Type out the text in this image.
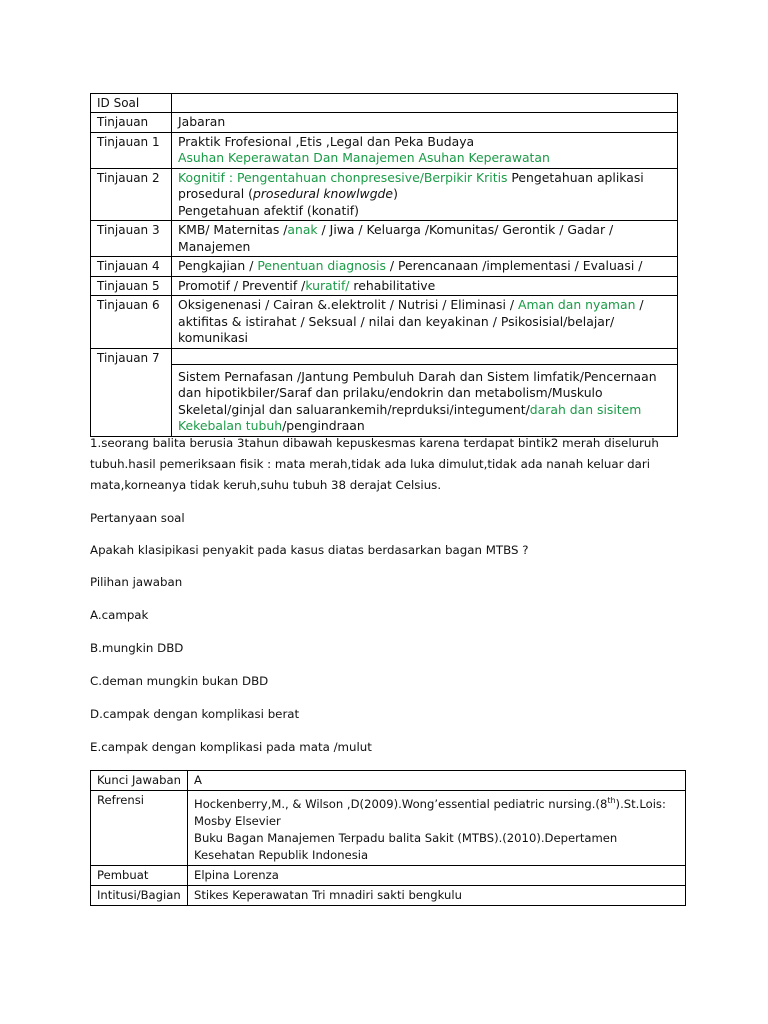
ID Soal	
Tinjauan	Jabaran
Tinjauan 1	Praktik Frofesional ,Etis ,Legal dan Peka Budaya
Asuhan Keperawatan Dan Manajemen Asuhan Keperawatan

Tinjauan 2	Kognitif : Pengentahuan chonpresesive/Berpikir Kritis Pengetahuan aplikasi prosedural (prosedural knowlwgde)
Pengetahuan afektif (konatif)

Tinjauan 3	KMB/ Maternitas /anak / Jiwa / Keluarga /Komunitas/ Gerontik / Gadar / Manajemen
Tinjauan 4	Pengkajian / Penentuan diagnosis / Perencanaan /implementasi / Evaluasi /
Tinjauan 5	Promotif / Preventif /kuratif/ rehabilitative
Tinjauan 6	Oksigenenasi / Cairan &.elektrolit / Nutrisi / Eliminasi / Aman dan nyaman / aktifitas & istirahat / Seksual / nilai dan keyakinan / Psikosisial/belajar/ komunikasi
Tinjauan 7	Sistem Pernafasan /Jantung Pembuluh Darah dan Sistem limfatik/Pencernaan dan hipotikbiler/Saraf dan prilaku/endokrin dan metabolism/Muskulo Skeletal/ginjal dan saluarankemih/reprduksi/integument/darah dan sisitem Kekebalan tubuh/pengindraan

1.seorang balita berusia 3tahun dibawah kepuskesmas karena terdapat bintik2 merah diseluruh tubuh.hasil pemeriksaan fisik : mata merah,tidak ada luka dimulut,tidak ada nanah keluar dari mata,korneanya tidak keruh,suhu tubuh 38 derajat Celsius.

Pertanyaan soal

Apakah klasipikasi penyakit pada kasus diatas berdasarkan bagan MTBS ?

Pilihan jawaban

A.campak

B.mungkin DBD

C.deman mungkin bukan DBD

D.campak dengan komplikasi berat

E.campak dengan komplikasi pada mata /mulut

Kunci Jawaban	A
Refrensi	Hockenberry,M., & Wilson ,D(2009).Wong’essential pediatric nursing.(8th).St.Lois: Mosby Elsevier
Buku Bagan Manajemen Terpadu balita Sakit (MTBS).(2010).Depertamen Kesehatan Republik Indonesia

Pembuat	Elpina Lorenza
Intitusi/Bagian	Stikes Keperawatan Tri mnadiri sakti bengkulu
